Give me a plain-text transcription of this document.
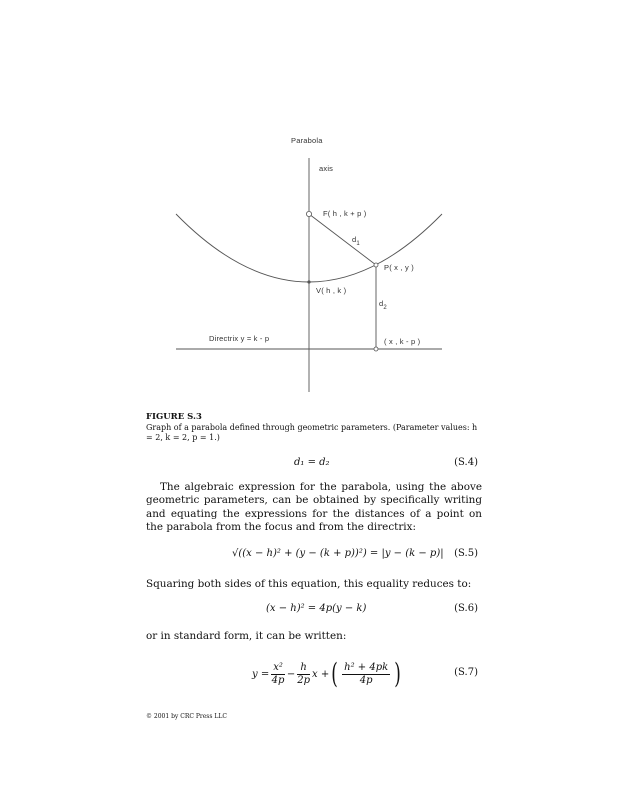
Parabola
axis
F( h , k + p )
$d_1$
P( x , y )
V( h , k )
$d_2$
Directrix y = k - p	( x , k - p )
FIGURE S.3
Graph of a parabola defined through geometric parameters. (Parameter values: h = 2, k = 2, p = 1.)
d₁ = d₂	(S.4)
The algebraic expression for the parabola, using the above geometric parameters, can be obtained by specifically writing and equating the expressions for the distances of a point on the parabola from the focus and from the directrix:
√((x − h)² + (y − (k + p))²) = |y − (k − p)| (S.5)
Squaring both sides of this equation, this equality reduces to:
(x − h)² = 4p(y − k)	(S.6)
or in standard form, it can be written:
$y = \frac{\text{x²}}{4p} - \frac{h}{2p}$ x + ( $\frac{\text{h² + 4pk}}{4p}$ )	(S.7)
© 2001 by CRC Press LLC
